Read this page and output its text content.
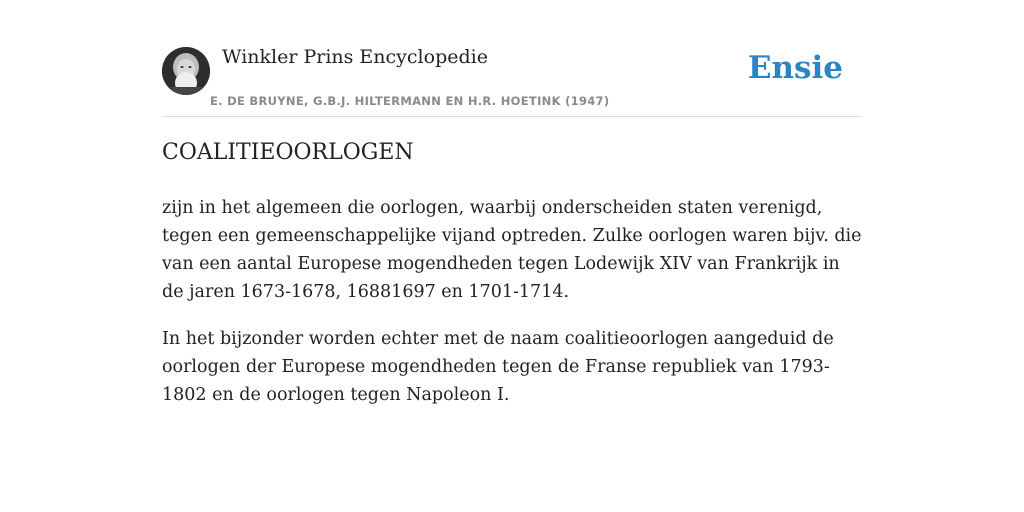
Winkler Prins Encyclopedie
E. DE BRUYNE, G.B.J. HILTERMANN EN H.R. HOETINK (1947)
Ensie
COALITIEOORLOGEN

zijn in het algemeen die oorlogen, waarbij onderscheiden staten verenigd, tegen een gemeenschappelijke vijand optreden. Zulke oorlogen waren bijv. die van een aantal Europese mogendheden tegen Lodewijk XIV van Frankrijk in de jaren 1673-1678, 16881697 en 1701-1714.

In het bijzonder worden echter met de naam coalitieoorlogen aangeduid de oorlogen der Europese mogendheden tegen de Franse republiek van 1793-1802 en de oorlogen tegen Napoleon I.
